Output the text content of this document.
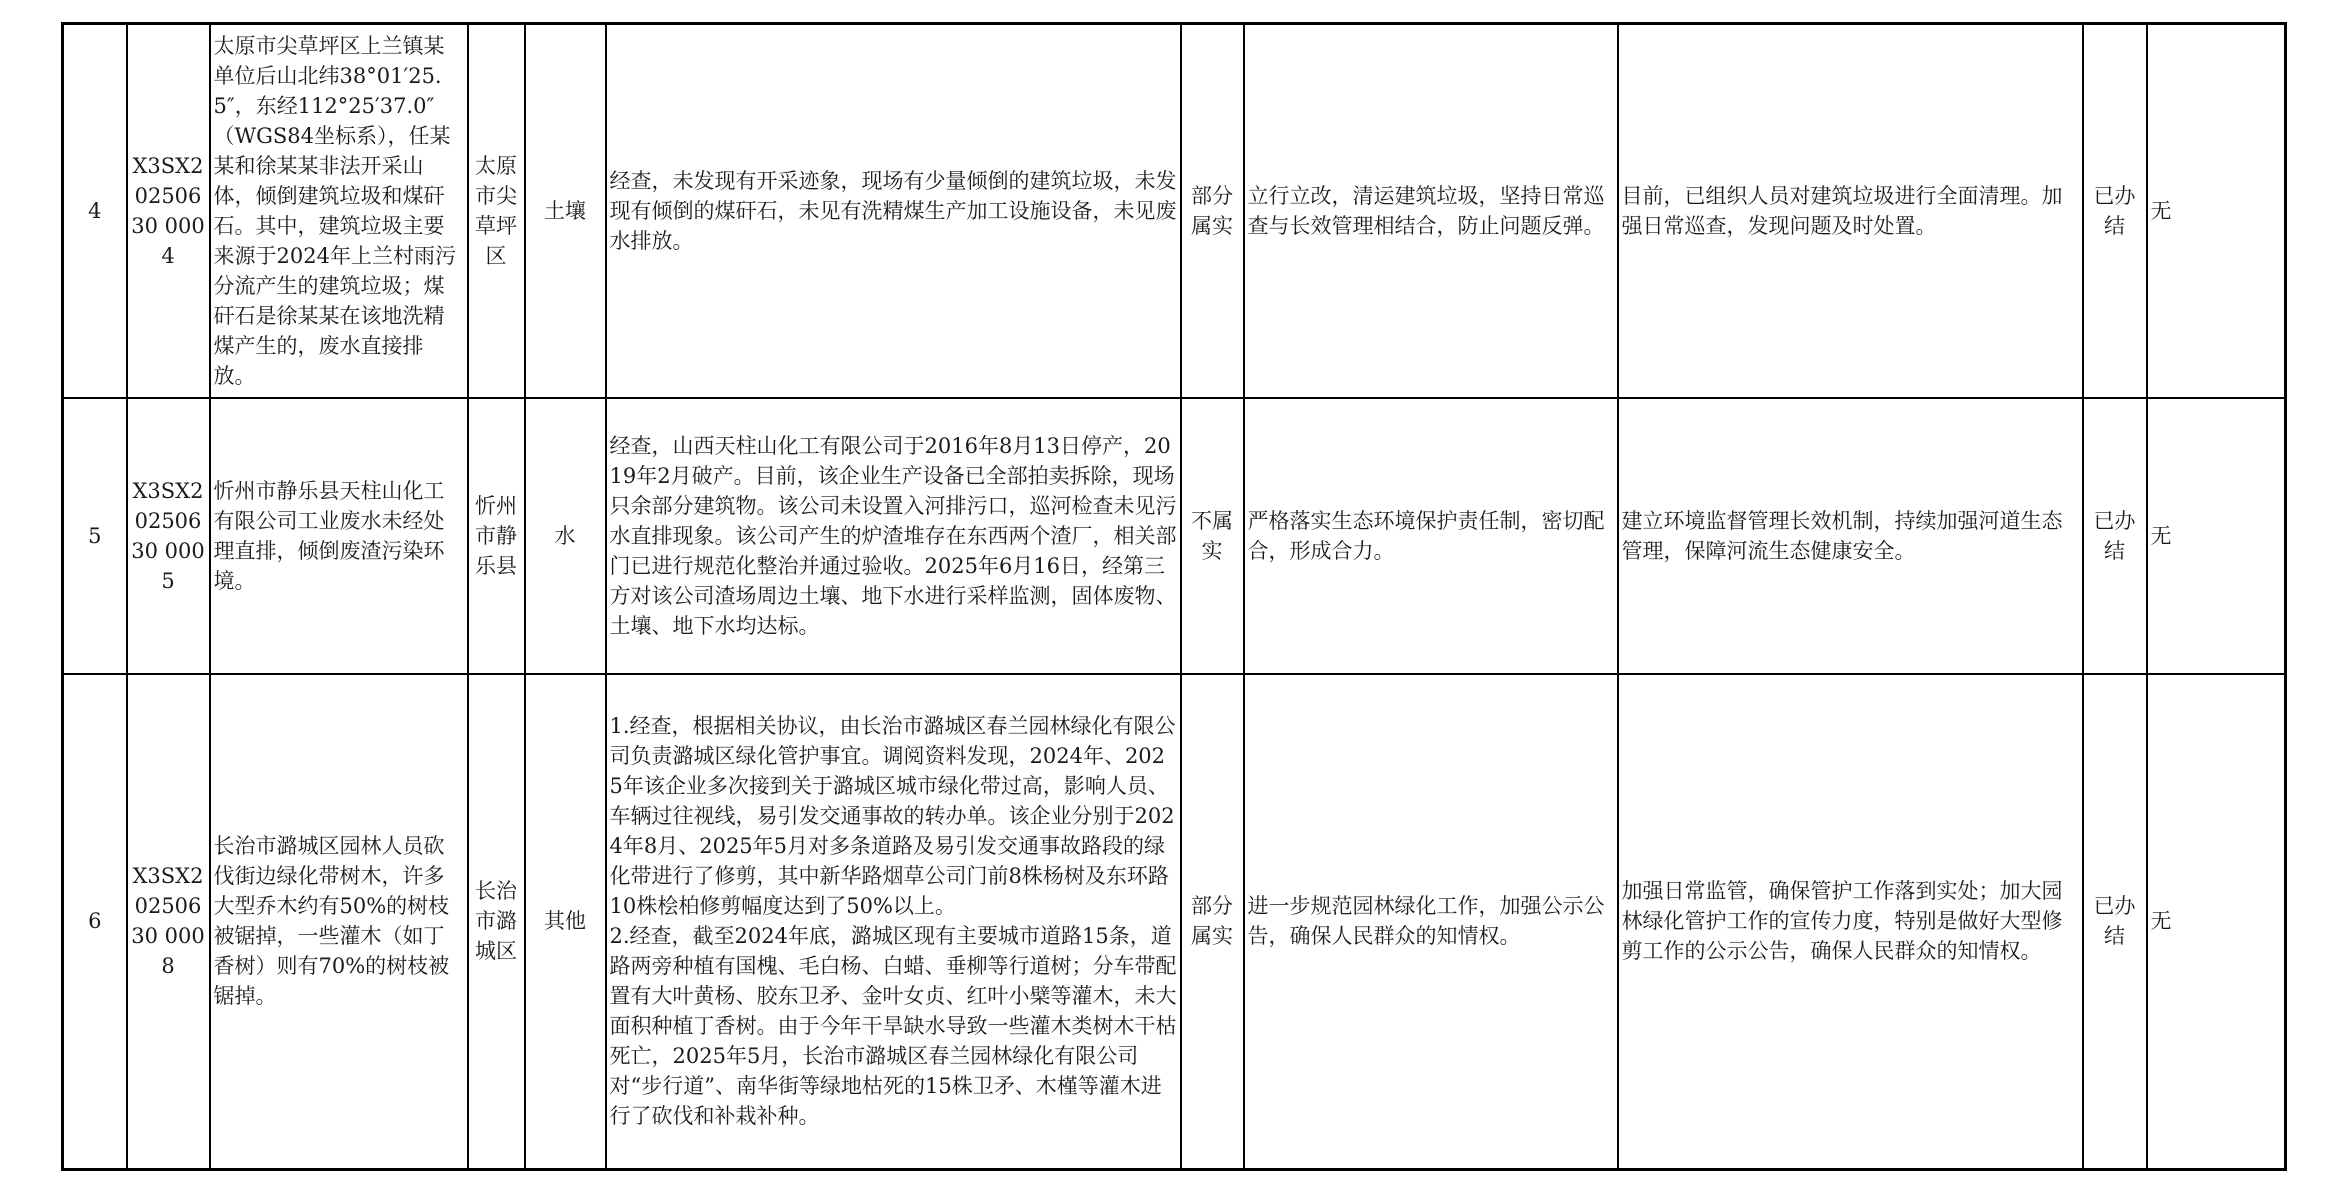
4	X3SX20250630 0004	太原市尖草坪区上兰镇某单位后山北纬38°01′25.5″，东经112°25′37.0″（WGS84坐标系），任某某和徐某某非法开采山体，倾倒建筑垃圾和煤矸石。其中，建筑垃圾主要来源于2024年上兰村雨污分流产生的建筑垃圾；煤矸石是徐某某在该地洗精煤产生的，废水直接排放。	太原市尖草坪区	土壤	经查，未发现有开采迹象，现场有少量倾倒的建筑垃圾，未发现有倾倒的煤矸石，未见有洗精煤生产加工设施设备，未见废水排放。	部分属实	立行立改，清运建筑垃圾，坚持日常巡查与长效管理相结合，防止问题反弹。	目前，已组织人员对建筑垃圾进行全面清理。加强日常巡查，发现问题及时处置。	已办结	无
5	X3SX20250630 0005	忻州市静乐县天柱山化工有限公司工业废水未经处理直排，倾倒废渣污染环境。	忻州市静乐县	水	经查，山西天柱山化工有限公司于2016年8月13日停产，2019年2月破产。目前，该企业生产设备已全部拍卖拆除，现场只余部分建筑物。该公司未设置入河排污口，巡河检查未见污水直排现象。该公司产生的炉渣堆存在东西两个渣厂，相关部门已进行规范化整治并通过验收。2025年6月16日，经第三方对该公司渣场周边土壤、地下水进行采样监测，固体废物、土壤、地下水均达标。	不属实	严格落实生态环境保护责任制，密切配合，形成合力。	建立环境监督管理长效机制，持续加强河道生态管理，保障河流生态健康安全。	已办结	无
6	X3SX20250630 0008	长治市潞城区园林人员砍伐街边绿化带树木，许多大型乔木约有50%的树枝被锯掉，一些灌木（如丁香树）则有70%的树枝被锯掉。	长治市潞城区	其他	1.经查，根据相关协议，由长治市潞城区春兰园林绿化有限公司负责潞城区绿化管护事宜。调阅资料发现，2024年、2025年该企业多次接到关于潞城区城市绿化带过高，影响人员、车辆过往视线，易引发交通事故的转办单。该企业分别于2024年8月、2025年5月对多条道路及易引发交通事故路段的绿化带进行了修剪，其中新华路烟草公司门前8株杨树及东环路10株桧柏修剪幅度达到了50%以上。
2.经查，截至2024年底，潞城区现有主要城市道路15条，道路两旁种植有国槐、毛白杨、白蜡、垂柳等行道树；分车带配置有大叶黄杨、胶东卫矛、金叶女贞、红叶小檗等灌木，未大面积种植丁香树。由于今年干旱缺水导致一些灌木类树木干枯死亡，2025年5月，长治市潞城区春兰园林绿化有限公司对“步行道”、南华街等绿地枯死的15株卫矛、木槿等灌木进行了砍伐和补栽补种。	部分属实	进一步规范园林绿化工作，加强公示公告，确保人民群众的知情权。	加强日常监管，确保管护工作落到实处；加大园林绿化管护工作的宣传力度，特别是做好大型修剪工作的公示公告，确保人民群众的知情权。	已办结	无
